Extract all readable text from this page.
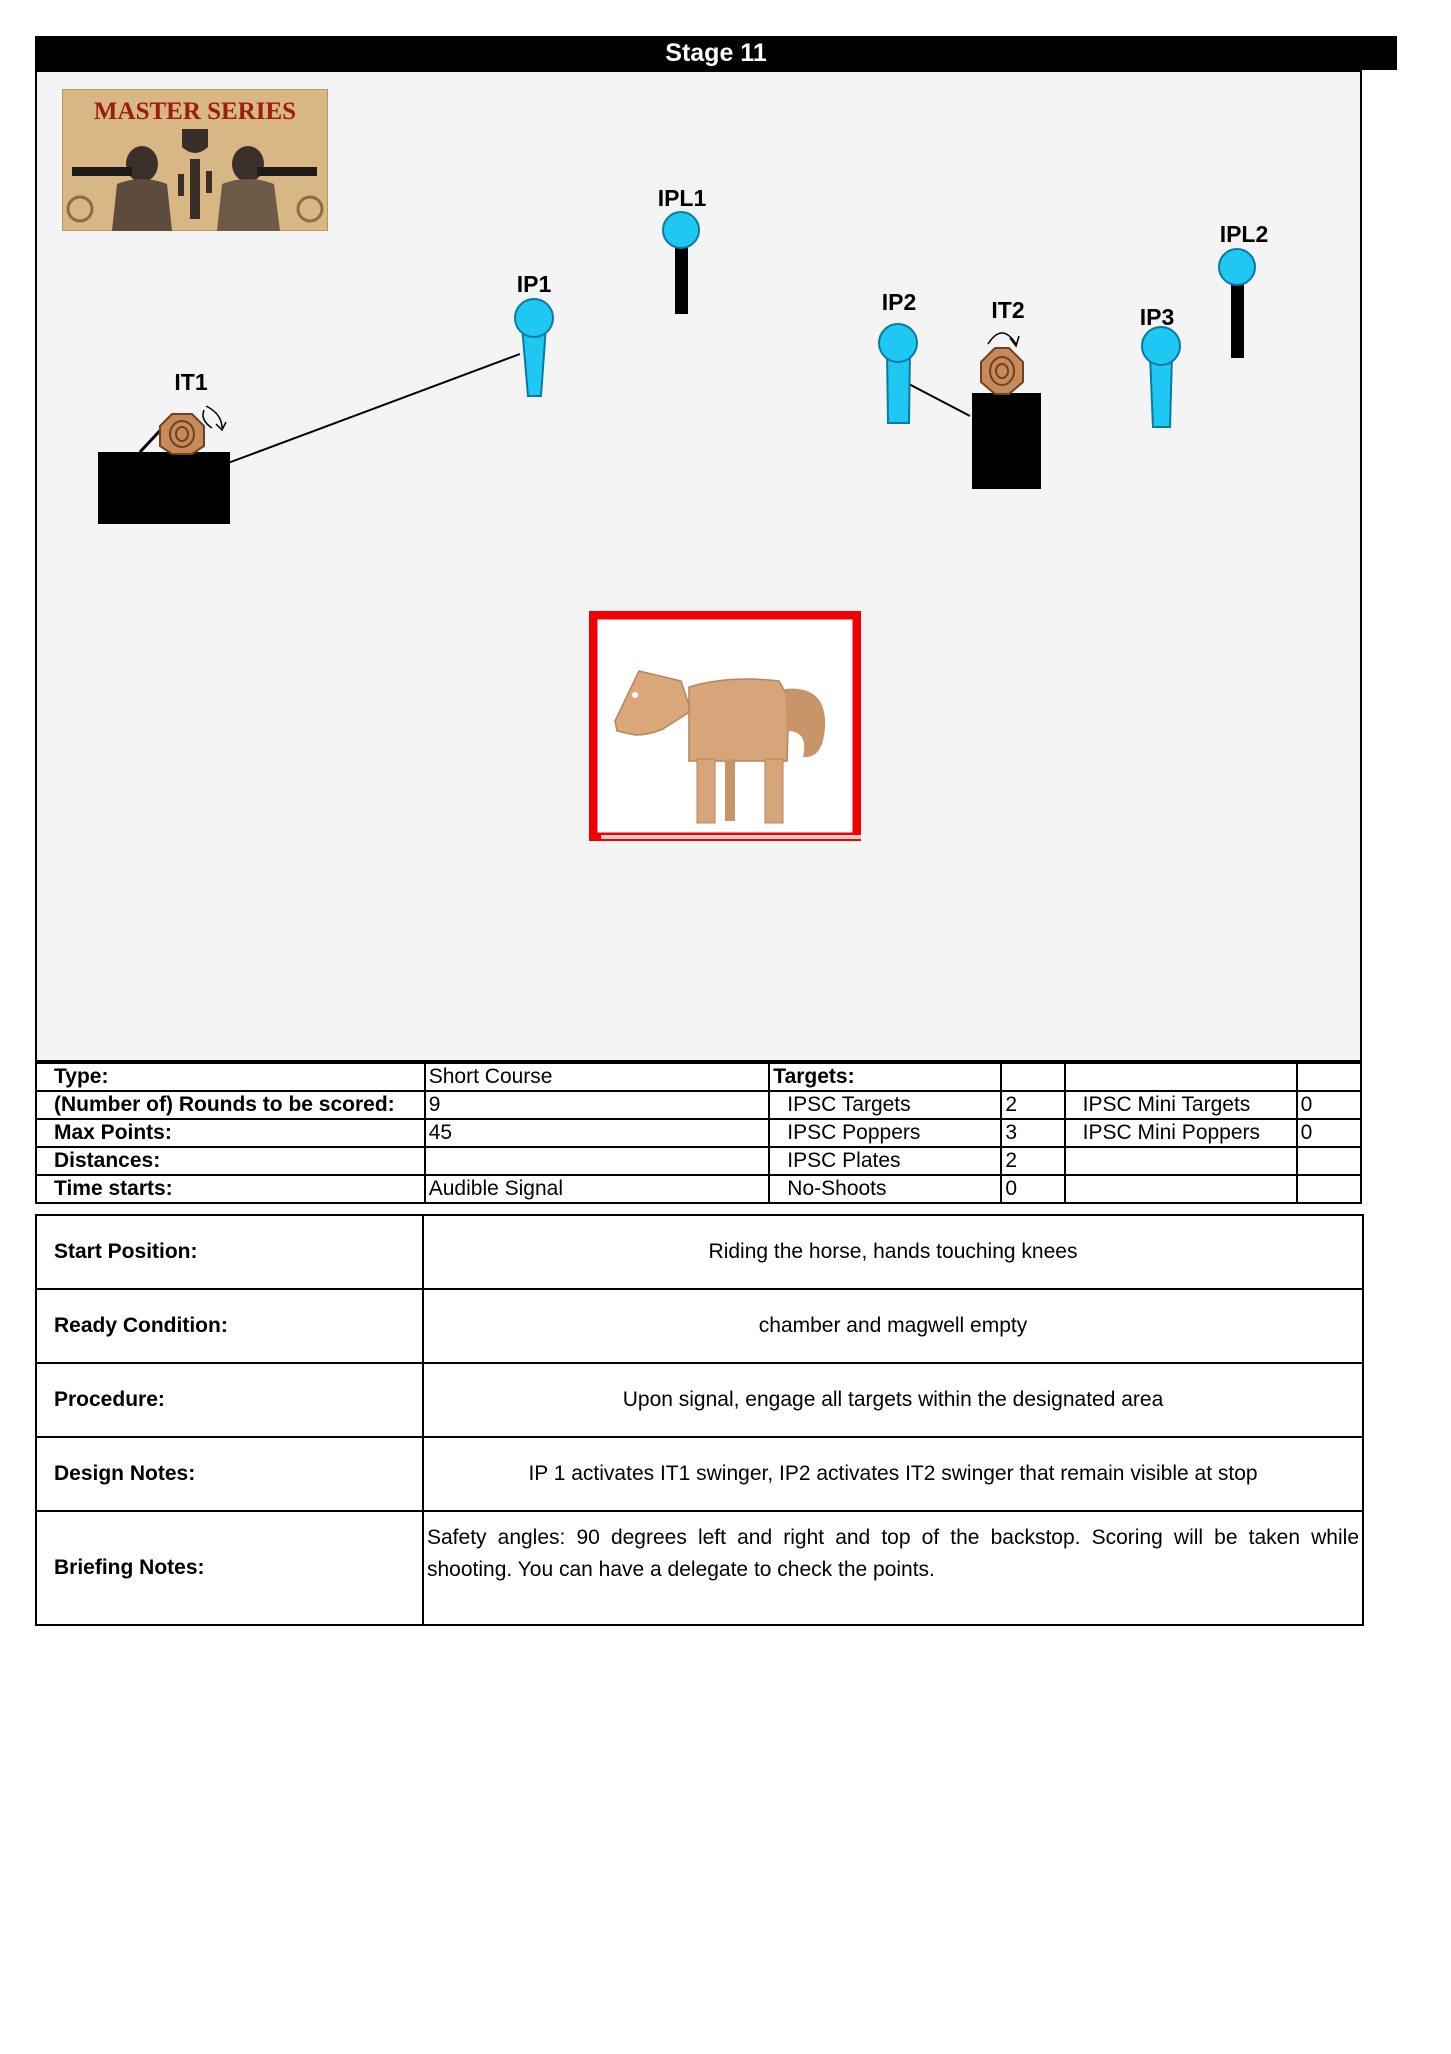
Stage 11
MASTER SERIES
IT1
IP1
IPL1
IP2	IT2	IP3
IPL2
Type:	Short Course	Targets:			
(Number of) Rounds to be scored:	9	IPSC Targets	2	IPSC Mini Targets	0
Max Points:	45	IPSC Poppers	3	IPSC Mini Poppers	0
Distances:		IPSC Plates	2		
Time starts:	Audible Signal	No-Shoots	0		
Start Position:	Riding the horse, hands touching knees
Ready Condition:	chamber and magwell empty
Procedure:	Upon signal, engage all targets within the designated area
Design Notes:	IP 1 activates IT1 swinger, IP2 activates IT2 swinger that remain visible at stop
Briefing Notes:	Safety angles: 90 degrees left and right and top of the backstop. Scoring will be taken while shooting. You can have a delegate to check the points.
